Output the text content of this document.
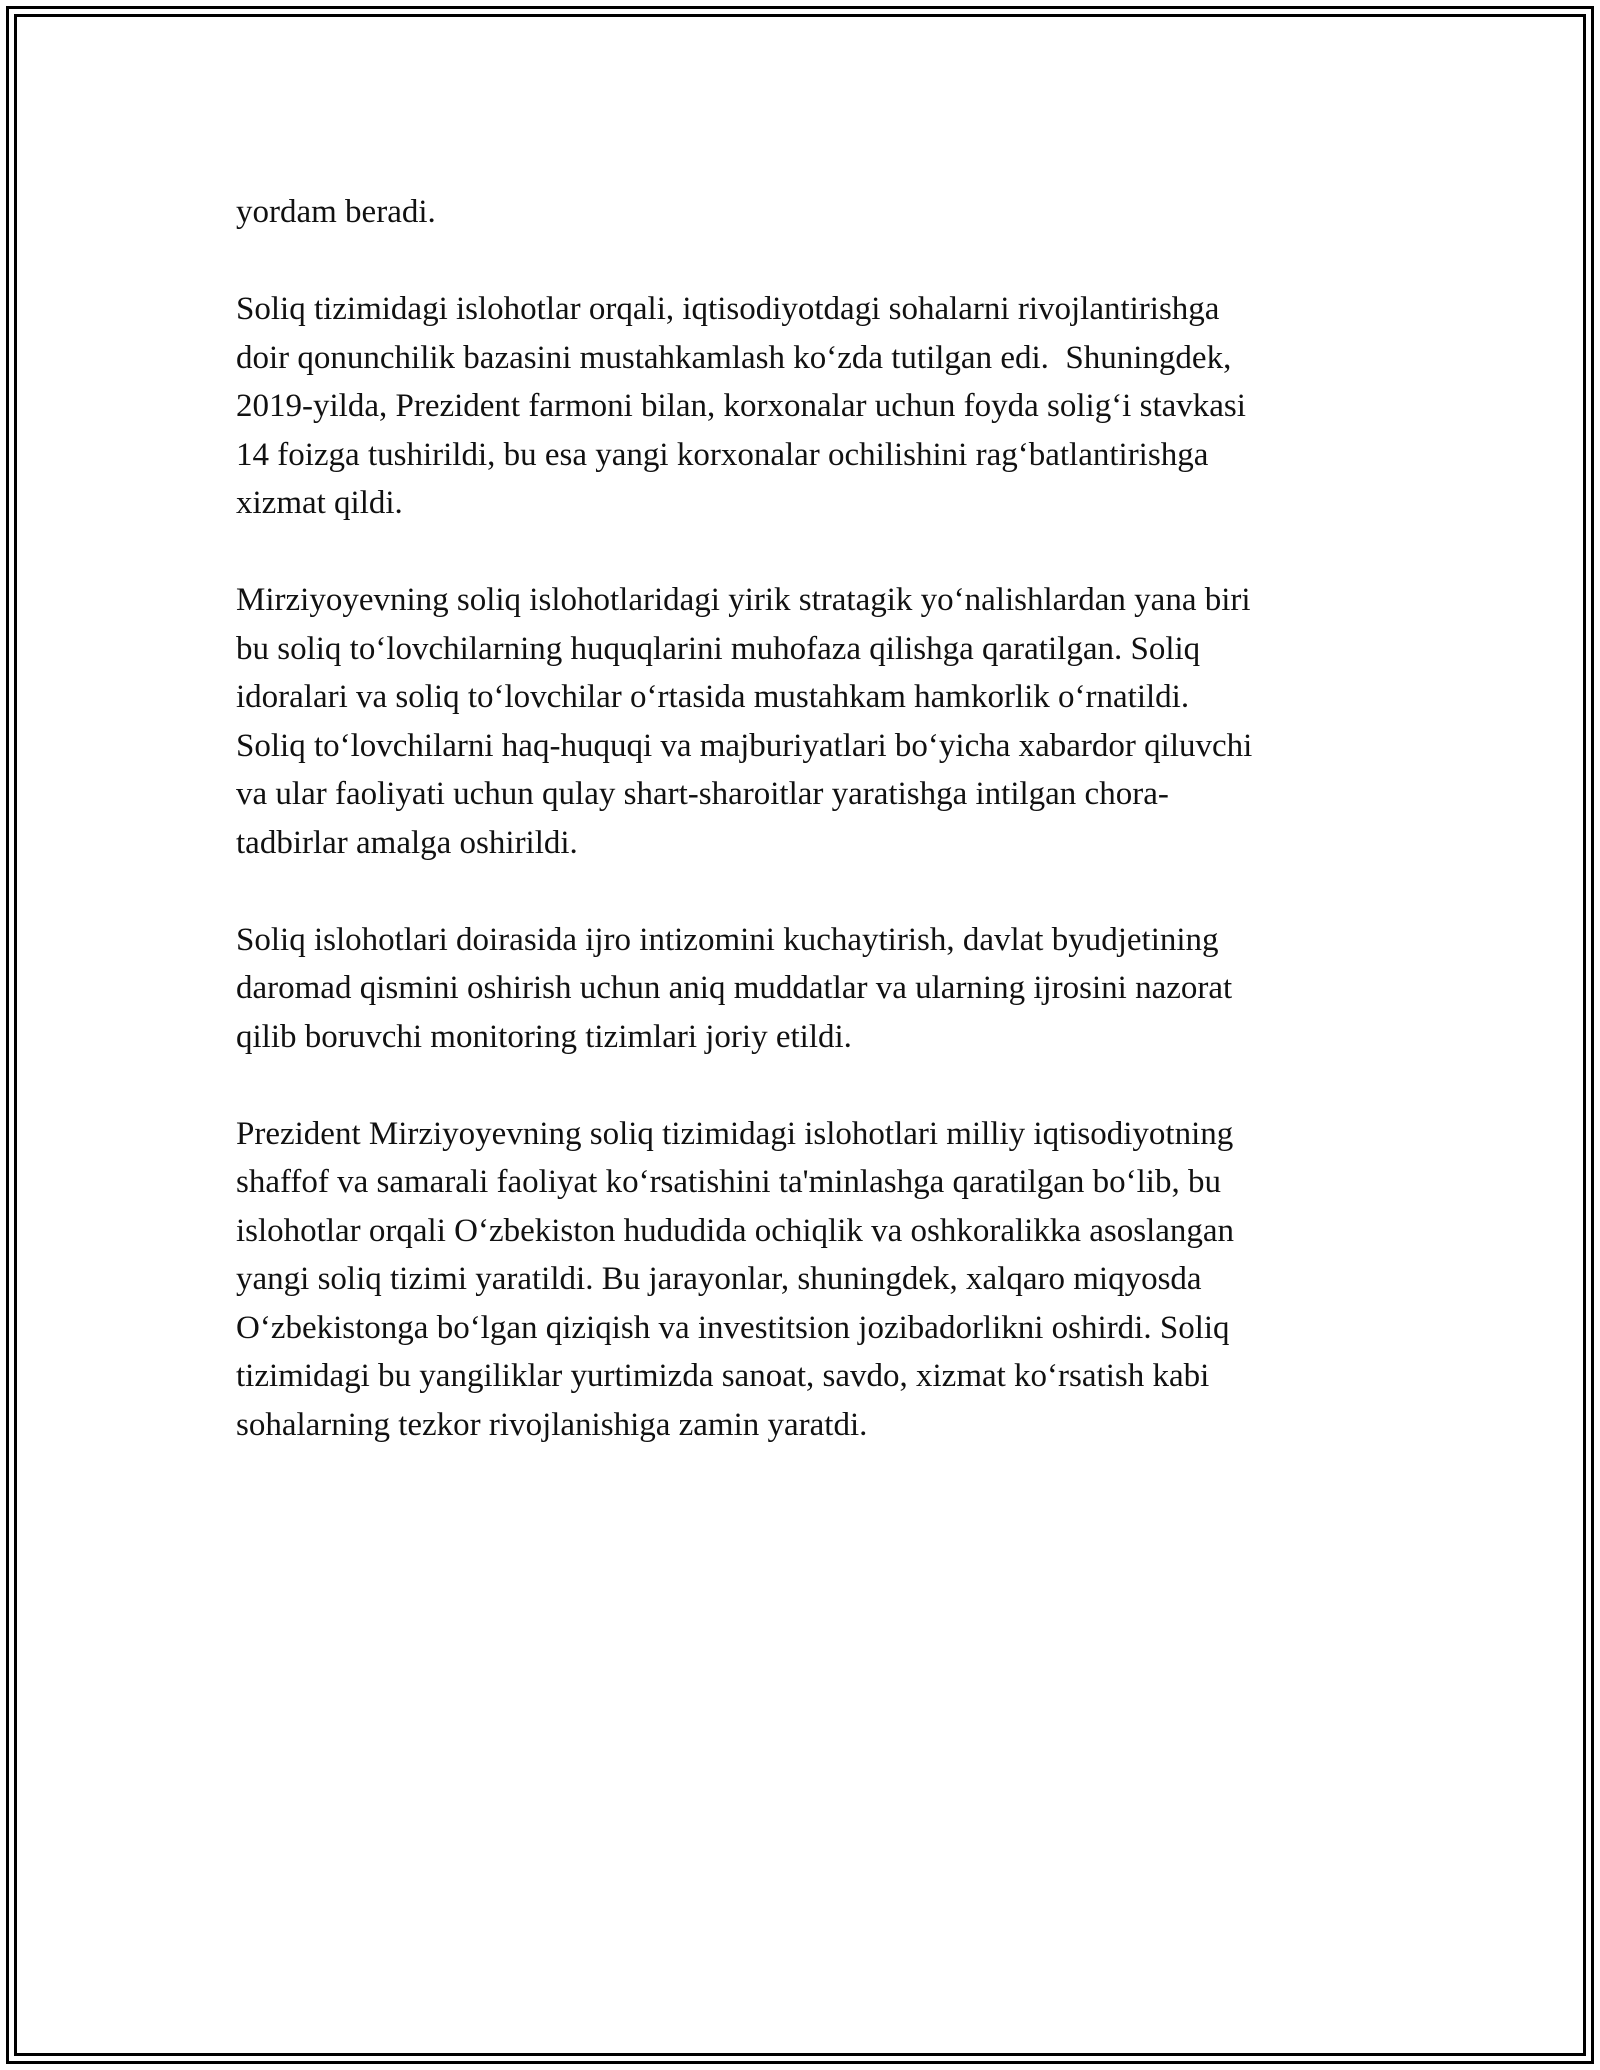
yordam beradi.

Soliq tizimidagi islohotlar orqali, iqtisodiyotdagi sohalarni rivojlantirishga
doir qonunchilik bazasini mustahkamlash ko‘zda tutilgan edi.  Shuningdek,
2019-yilda, Prezident farmoni bilan, korxonalar uchun foyda solig‘i stavkasi
14 foizga tushirildi, bu esa yangi korxonalar ochilishini rag‘batlantirishga
xizmat qildi.

Mirziyoyevning soliq islohotlaridagi yirik stratagik yo‘nalishlardan yana biri
bu soliq to‘lovchilarning huquqlarini muhofaza qilishga qaratilgan. Soliq
idoralari va soliq to‘lovchilar o‘rtasida mustahkam hamkorlik o‘rnatildi.
Soliq to‘lovchilarni haq-huquqi va majburiyatlari bo‘yicha xabardor qiluvchi
va ular faoliyati uchun qulay shart-sharoitlar yaratishga intilgan chora-
tadbirlar amalga oshirildi.

Soliq islohotlari doirasida ijro intizomini kuchaytirish, davlat byudjetining
daromad qismini oshirish uchun aniq muddatlar va ularning ijrosini nazorat
qilib boruvchi monitoring tizimlari joriy etildi.

Prezident Mirziyoyevning soliq tizimidagi islohotlari milliy iqtisodiyotning
shaffof va samarali faoliyat ko‘rsatishini ta'minlashga qaratilgan bo‘lib, bu
islohotlar orqali O‘zbekiston hududida ochiqlik va oshkoralikka asoslangan
yangi soliq tizimi yaratildi. Bu jarayonlar, shuningdek, xalqaro miqyosda
O‘zbekistonga bo‘lgan qiziqish va investitsion jozibadorlikni oshirdi. Soliq
tizimidagi bu yangiliklar yurtimizda sanoat, savdo, xizmat ko‘rsatish kabi
sohalarning tezkor rivojlanishiga zamin yaratdi.
